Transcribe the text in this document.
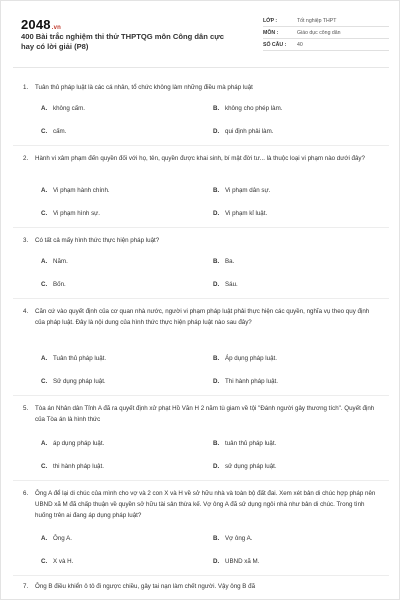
2048.vn
400 Bài trắc nghiệm thi thử THPTQG môn Công dân cực hay có lời giải (P8)
LỚP :	Tốt nghiệp THPT
MÔN :	Giáo dục công dân
SỐ CÂU :	40
1.	Tuân thủ pháp luật là các cá nhân, tổ chức không làm những điều mà pháp luật
A. không cấm.	B. không cho phép làm.
C. cấm.	D. qui định phải làm.
2.	Hành vi xâm phạm đến quyền đối với họ, tên, quyền được khai sinh, bí mật đời tư... là thuộc loại vi phạm nào dưới đây?
A. Vi phạm hành chính.	B. Vi phạm dân sự.
C. Vi phạm hình sự.	D. Vi phạm kỉ luật.
3.	Có tất cả mấy hình thức thực hiện pháp luật?
A. Năm.	B. Ba.
C. Bốn.	D. Sáu.
4.	Căn cứ vào quyết định của cơ quan nhà nước, người vi phạm pháp luật phải thực hiện các quyền, nghĩa vụ theo quy định của pháp luật. Đây là nội dung của hình thức thực hiện pháp luật nào sau đây?
A. Tuân thủ pháp luật.	B. Áp dụng pháp luật.
C. Sử dụng pháp luật.	D. Thi hành pháp luật.
5.	Tòa án Nhân dân Tỉnh A đã ra quyết định xử phạt Hồ Văn H 2 năm tù giam về tội "Đánh người gây thương tích". Quyết định của Tòa án là hình thức
A. áp dụng pháp luật.	B. tuân thủ pháp luật.
C. thi hành pháp luật.	D. sử dụng pháp luật.
6.	Ông A để lại di chúc của mình cho vợ và 2 con X và H về sở hữu nhà và toàn bộ đất đai. Xem xét bản di chúc hợp pháp nên UBND xã M đã chấp thuận về quyền sở hữu tài sản thừa kế. Vợ ông A đã sử dụng ngôi nhà như bản di chúc. Trong tình huống trên ai đang áp dụng pháp luật?
A. Ông A.	B. Vợ ông A.
C. X và H.	D. UBND xã M.
7.	Ông B điều khiển ô tô đi ngược chiều, gây tai nạn làm chết người. Vậy ông B đã
